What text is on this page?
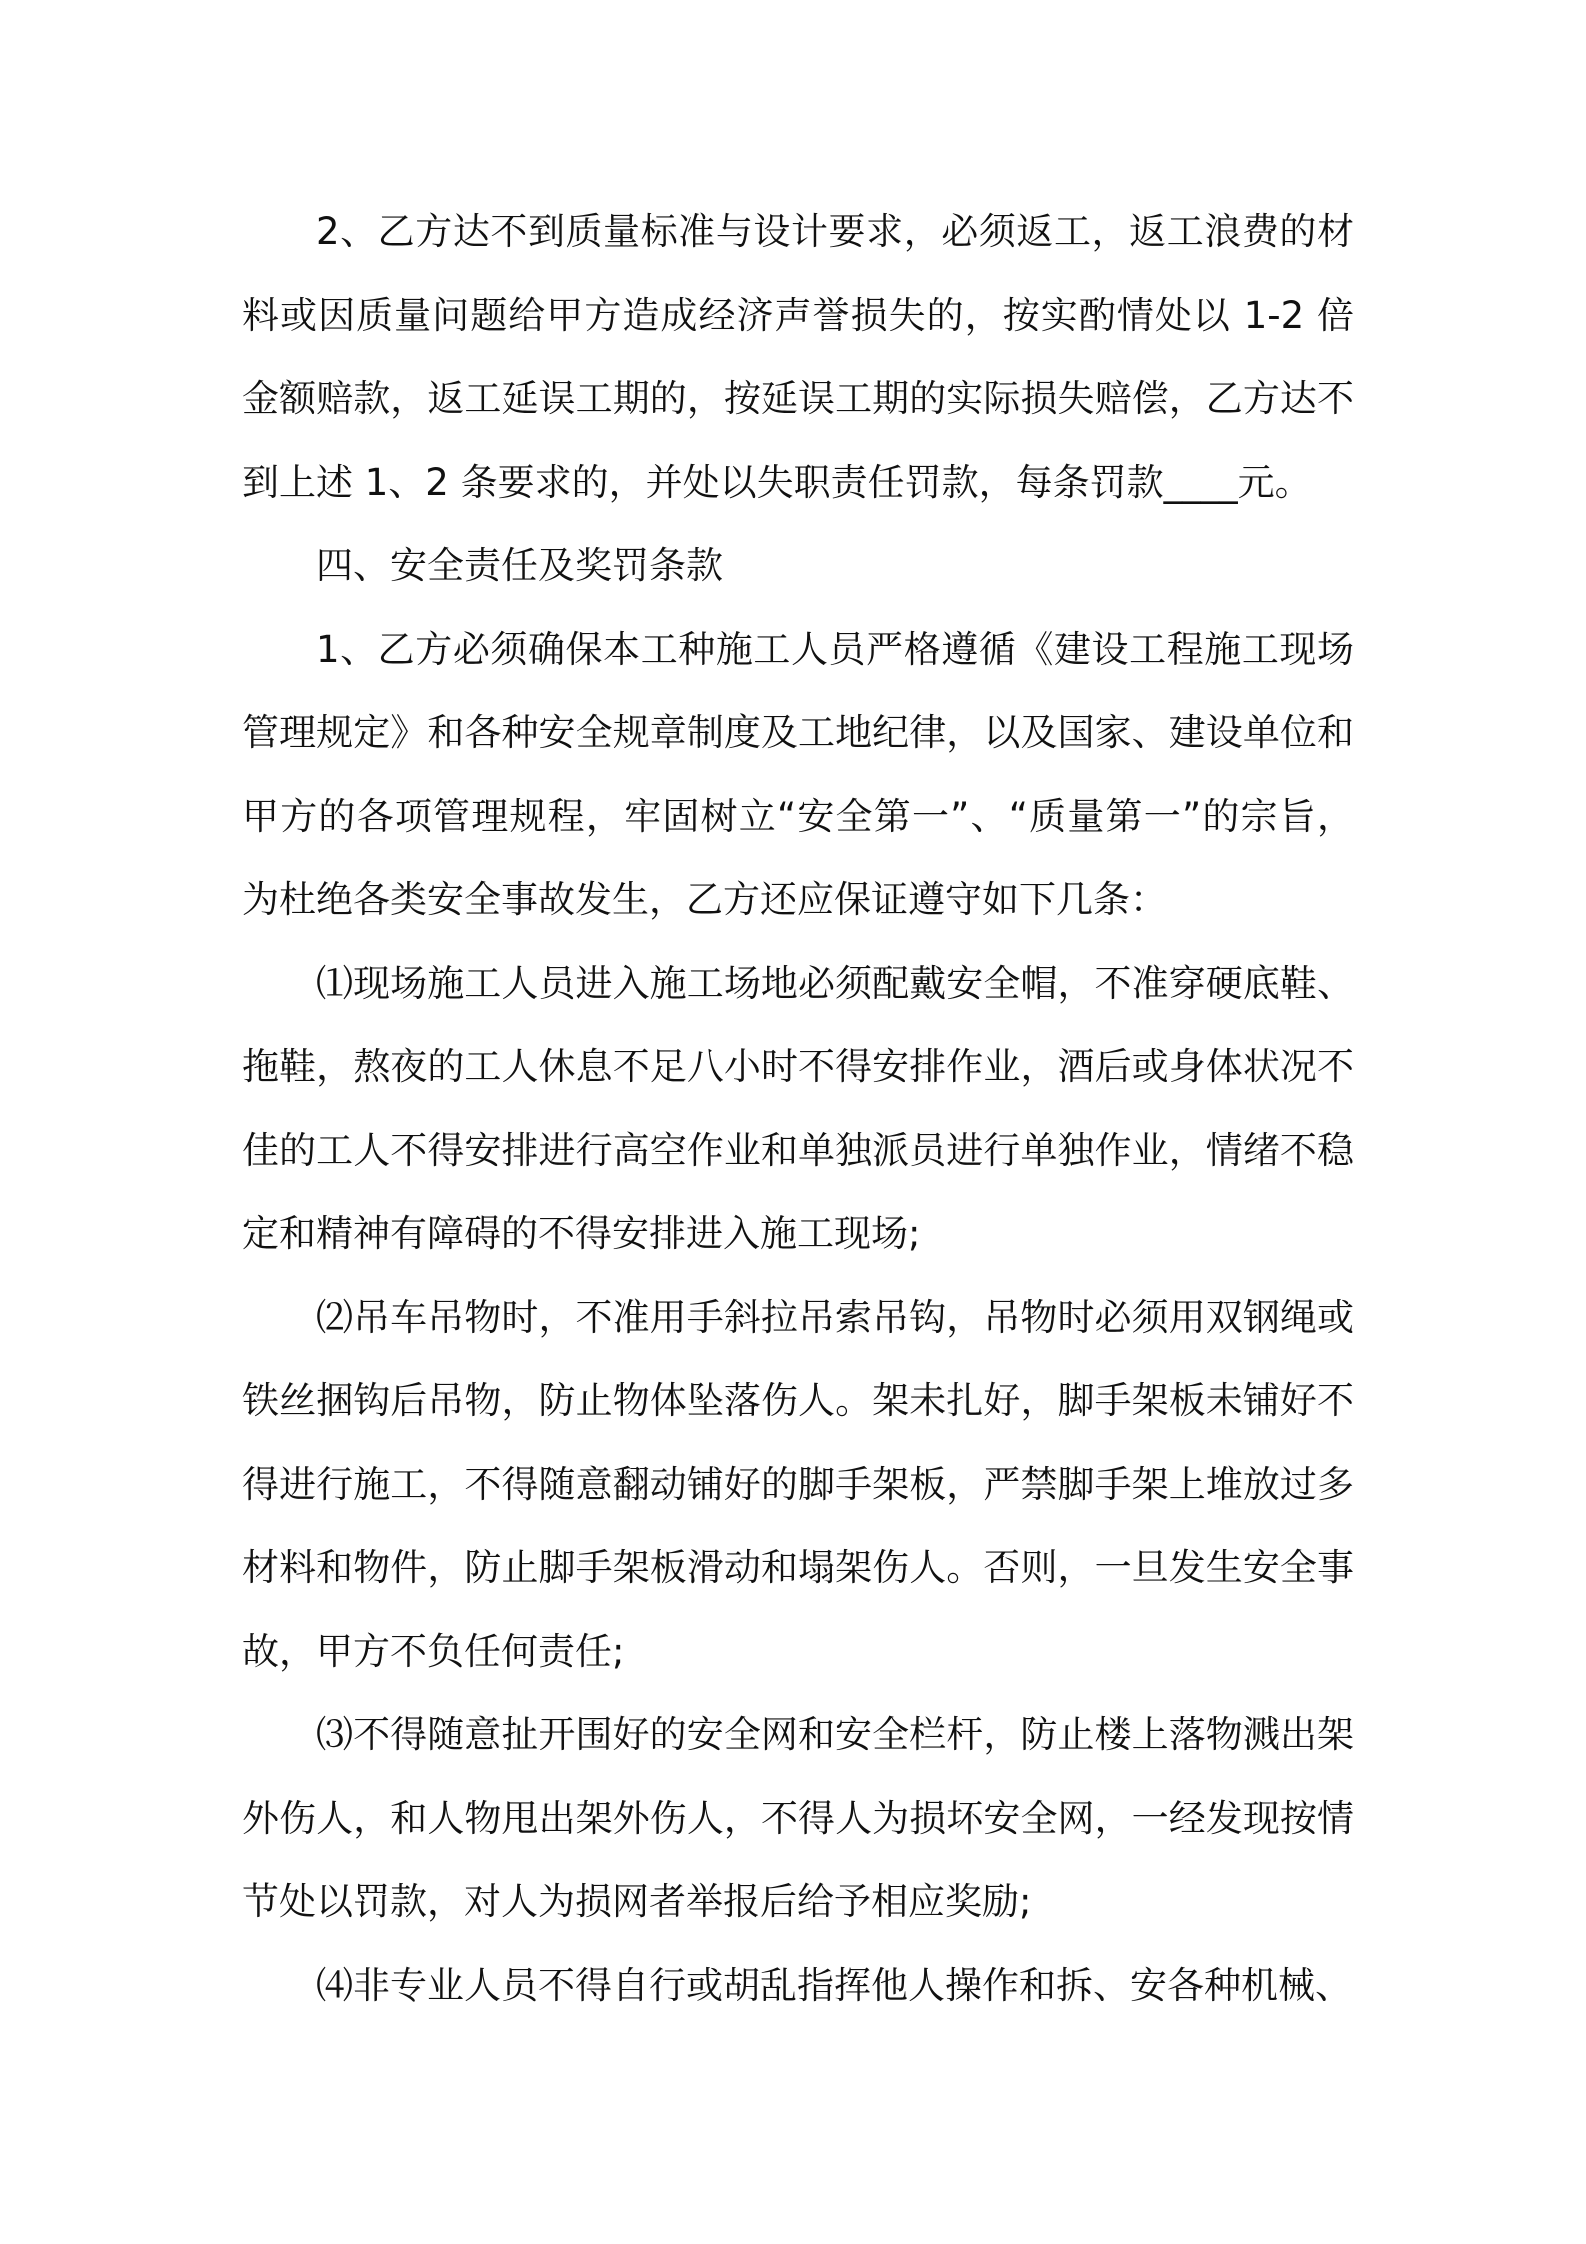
2、乙方达不到质量标准与设计要求，必须返工，返工浪费的材料或因质量问题给甲方造成经济声誉损失的，按实酌情处以 1-2 倍金额赔款，返工延误工期的，按延误工期的实际损失赔偿，乙方达不到上述 1、2 条要求的，并处以失职责任罚款，每条罚款____元。

四、安全责任及奖罚条款

1、乙方必须确保本工种施工人员严格遵循《建设工程施工现场管理规定》和各种安全规章制度及工地纪律，以及国家、建设单位和甲方的各项管理规程，牢固树立“安全第一”、“质量第一”的宗旨，为杜绝各类安全事故发生，乙方还应保证遵守如下几条：

⑴现场施工人员进入施工场地必须配戴安全帽，不准穿硬底鞋、拖鞋，熬夜的工人休息不足八小时不得安排作业，酒后或身体状况不佳的工人不得安排进行高空作业和单独派员进行单独作业，情绪不稳定和精神有障碍的不得安排进入施工现场;

⑵吊车吊物时，不准用手斜拉吊索吊钩，吊物时必须用双钢绳或铁丝捆钩后吊物，防止物体坠落伤人。架未扎好，脚手架板未铺好不得进行施工，不得随意翻动铺好的脚手架板，严禁脚手架上堆放过多材料和物件，防止脚手架板滑动和塌架伤人。否则，一旦发生安全事故，甲方不负任何责任;

⑶不得随意扯开围好的安全网和安全栏杆，防止楼上落物溅出架外伤人，和人物甩出架外伤人，不得人为损坏安全网，一经发现按情节处以罚款，对人为损网者举报后给予相应奖励;

⑷非专业人员不得自行或胡乱指挥他人操作和拆、安各种机械、
